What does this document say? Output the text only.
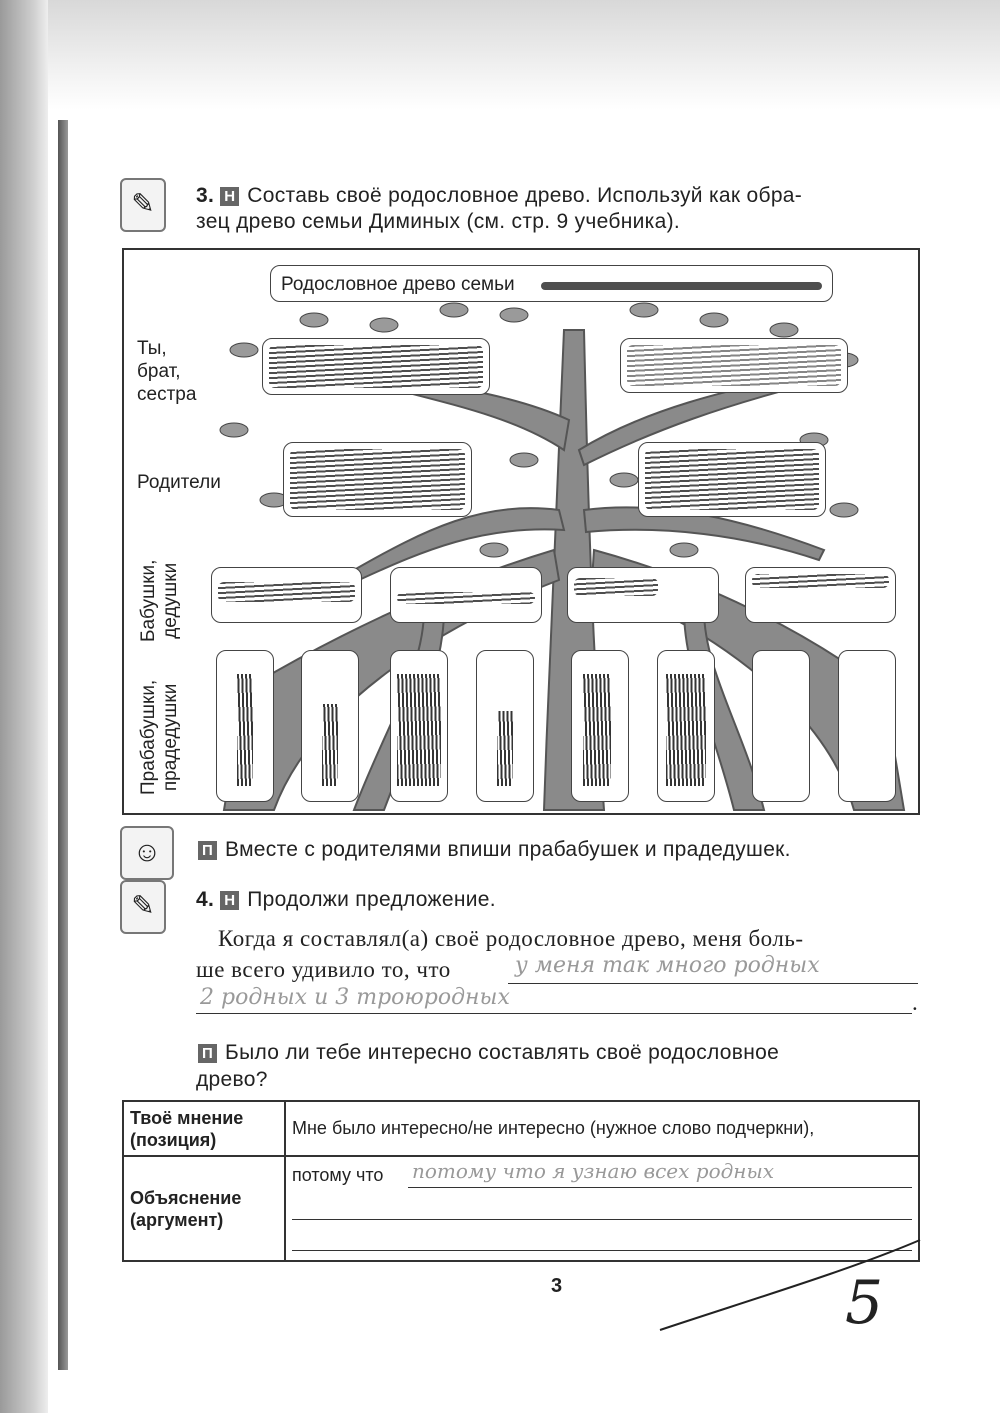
✎	3. Н Составь своё родословное древо. Используй как обра-
зец древо семьи Диминых (см. стр. 9 учебника).
Родословное древо семьи
Ты,
брат,
сестра
Родители
Бабушки,
дедушки
Прабабушки,
прадедушки
☺	П Вместе с родителями впиши прабабушек и прадедушек.
✎	4. Н Продолжи предложение.
Когда я составлял(а) своё родословное древо, меня боль-
ше всего удивило то, что	у меня так много родных
2 родных и 3 троюродных	.
П Было ли тебе интересно составлять своё родословное
древо?
Твоё мнение
(позиция)	Мне было интересно/не интересно (нужное слово подчеркни),
Объяснение
(аргумент)	потому что потому что я узнаю всех родных
3	5
